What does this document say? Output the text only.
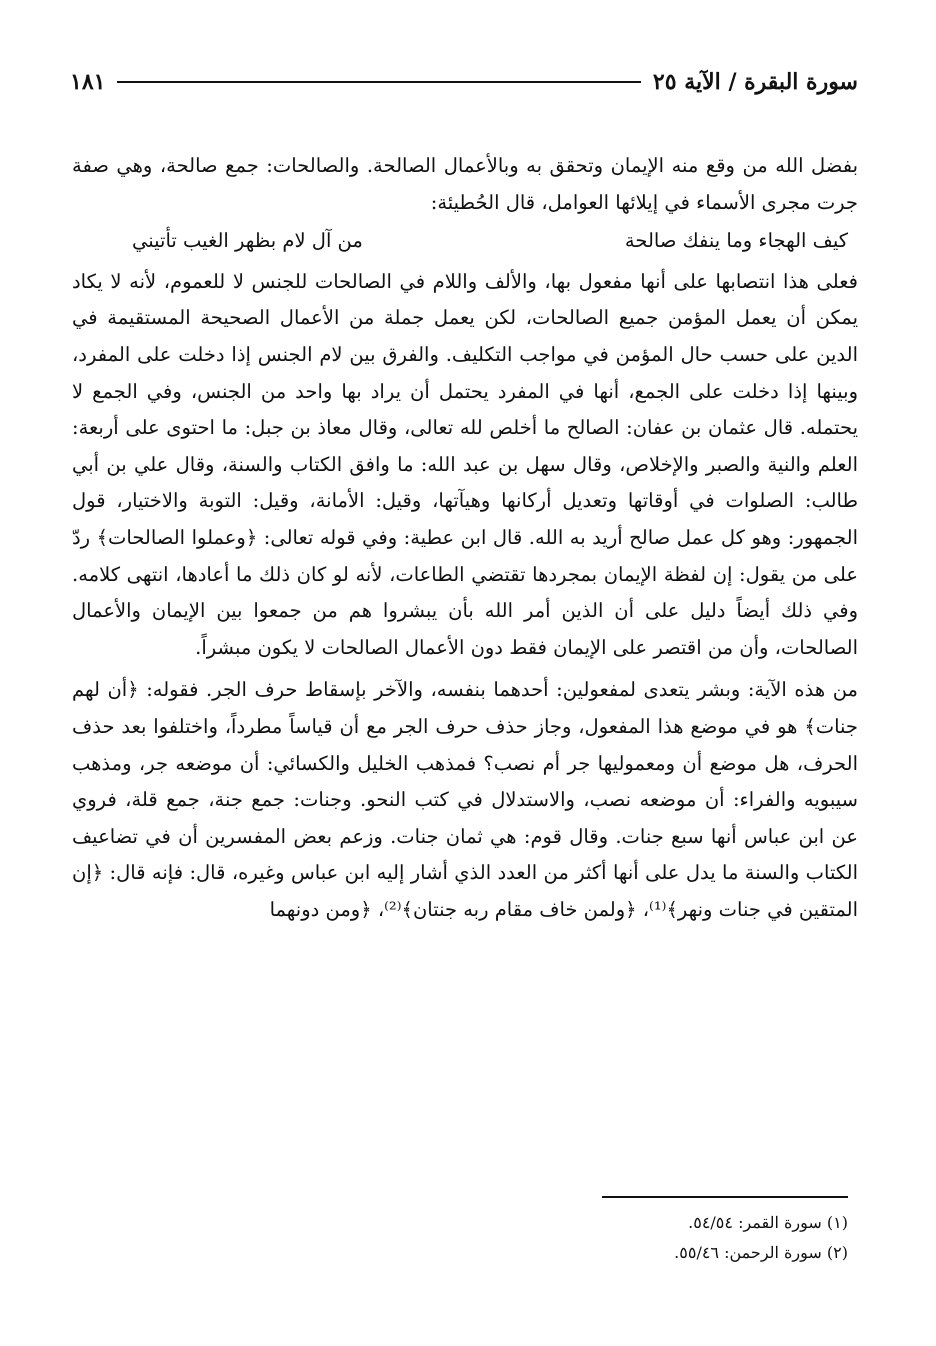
سورة البقرة / الآية ٢٥
١٨١

بفضل الله من وقع منه الإيمان وتحقق به وبالأعمال الصالحة. والصالحات: جمع صالحة، وهي صفة جرت مجرى الأسماء في إيلائها العوامل، قال الحُطيئة:

كيف الهجاء وما ينفك صالحة
من آل لام بظهر الغيب تأتيني

فعلى هذا انتصابها على أنها مفعول بها، والألف واللام في الصالحات للجنس لا للعموم، لأنه لا يكاد يمكن أن يعمل المؤمن جميع الصالحات، لكن يعمل جملة من الأعمال الصحيحة المستقيمة في الدين على حسب حال المؤمن في مواجب التكليف. والفرق بين لام الجنس إذا دخلت على المفرد، وبينها إذا دخلت على الجمع، أنها في المفرد يحتمل أن يراد بها واحد من الجنس، وفي الجمع لا يحتمله. قال عثمان بن عفان: الصالح ما أخلص لله تعالى، وقال معاذ بن جبل: ما احتوى على أربعة: العلم والنية والصبر والإخلاص، وقال سهل بن عبد الله: ما وافق الكتاب والسنة، وقال علي بن أبي طالب: الصلوات في أوقاتها وتعديل أركانها وهيآتها، وقيل: الأمانة، وقيل: التوبة والاختيار، قول الجمهور: وهو كل عمل صالح أريد به الله. قال ابن عطية: وفي قوله تعالى: ﴿وعملوا الصالحات﴾ ردّ على من يقول: إن لفظة الإيمان بمجردها تقتضي الطاعات، لأنه لو كان ذلك ما أعادها، انتهى كلامه. وفي ذلك أيضاً دليل على أن الذين أمر الله بأن يبشروا هم من جمعوا بين الإيمان والأعمال الصالحات، وأن من اقتصر على الإيمان فقط دون الأعمال الصالحات لا يكون مبشراً.

من هذه الآية: وبشر يتعدى لمفعولين: أحدهما بنفسه، والآخر بإسقاط حرف الجر. فقوله: ﴿أن لهم جنات﴾ هو في موضع هذا المفعول، وجاز حذف حرف الجر مع أن قياساً مطرداً، واختلفوا بعد حذف الحرف، هل موضع أن ومعموليها جر أم نصب؟ فمذهب الخليل والكسائي: أن موضعه جر، ومذهب سيبويه والفراء: أن موضعه نصب، والاستدلال في كتب النحو. وجنات: جمع جنة، جمع قلة، فروي عن ابن عباس أنها سبع جنات. وقال قوم: هي ثمان جنات. وزعم بعض المفسرين أن في تضاعيف الكتاب والسنة ما يدل على أنها أكثر من العدد الذي أشار إليه ابن عباس وغيره، قال: فإنه قال: ﴿إن المتقين في جنات ونهر﴾⁽¹⁾، ﴿ولمن خاف مقام ربه جنتان﴾⁽²⁾، ﴿ومن دونهما

(١) سورة القمر: ٥٤/٥٤.
(٢) سورة الرحمن: ٥٥/٤٦.
